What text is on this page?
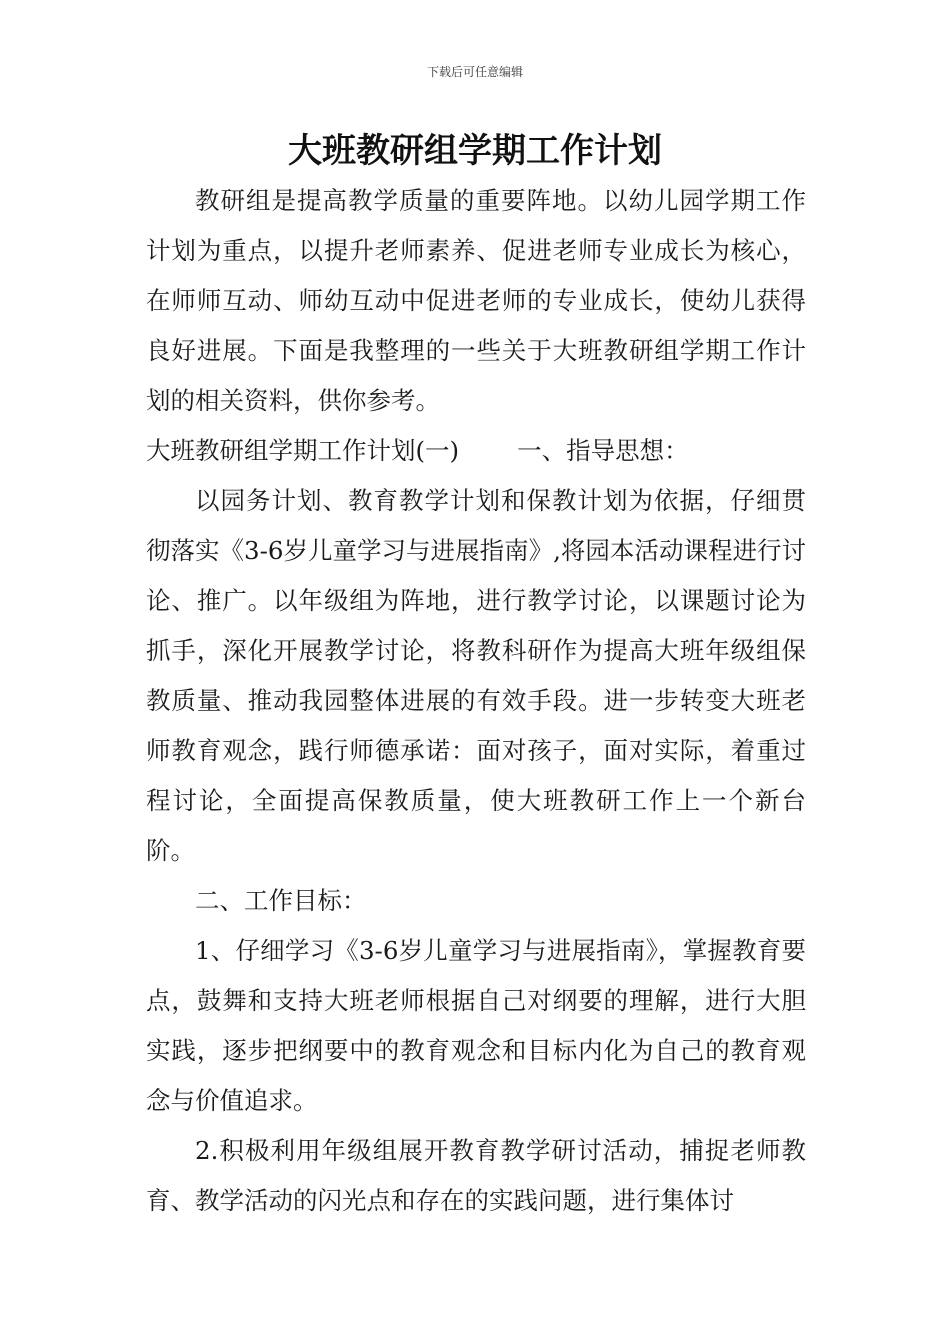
下载后可任意编辑
大班教研组学期工作计划

教研组是提高教学质量的重要阵地。以幼儿园学期工作计划为重点，以提升老师素养、促进老师专业成长为核心，在师师互动、师幼互动中促进老师的专业成长，使幼儿获得良好进展。下面是我整理的一些关于大班教研组学期工作计划的相关资料，供你参考。

大班教研组学期工作计划(一) 一、指导思想：

以园务计划、教育教学计划和保教计划为依据，仔细贯彻落实《3-6岁儿童学习与进展指南》,将园本活动课程进行讨论、推广。以年级组为阵地，进行教学讨论，以课题讨论为抓手，深化开展教学讨论，将教科研作为提高大班年级组保教质量、推动我园整体进展的有效手段。进一步转变大班老师教育观念，践行师德承诺：面对孩子，面对实际，着重过程讨论，全面提高保教质量，使大班教研工作上一个新台阶。

二、工作目标：

1、仔细学习《3-6岁儿童学习与进展指南》，掌握教育要点，鼓舞和支持大班老师根据自己对纲要的理解，进行大胆实践，逐步把纲要中的教育观念和目标内化为自己的教育观念与价值追求。

2.积极利用年级组展开教育教学研讨活动，捕捉老师教育、教学活动的闪光点和存在的实践问题，进行集体讨
